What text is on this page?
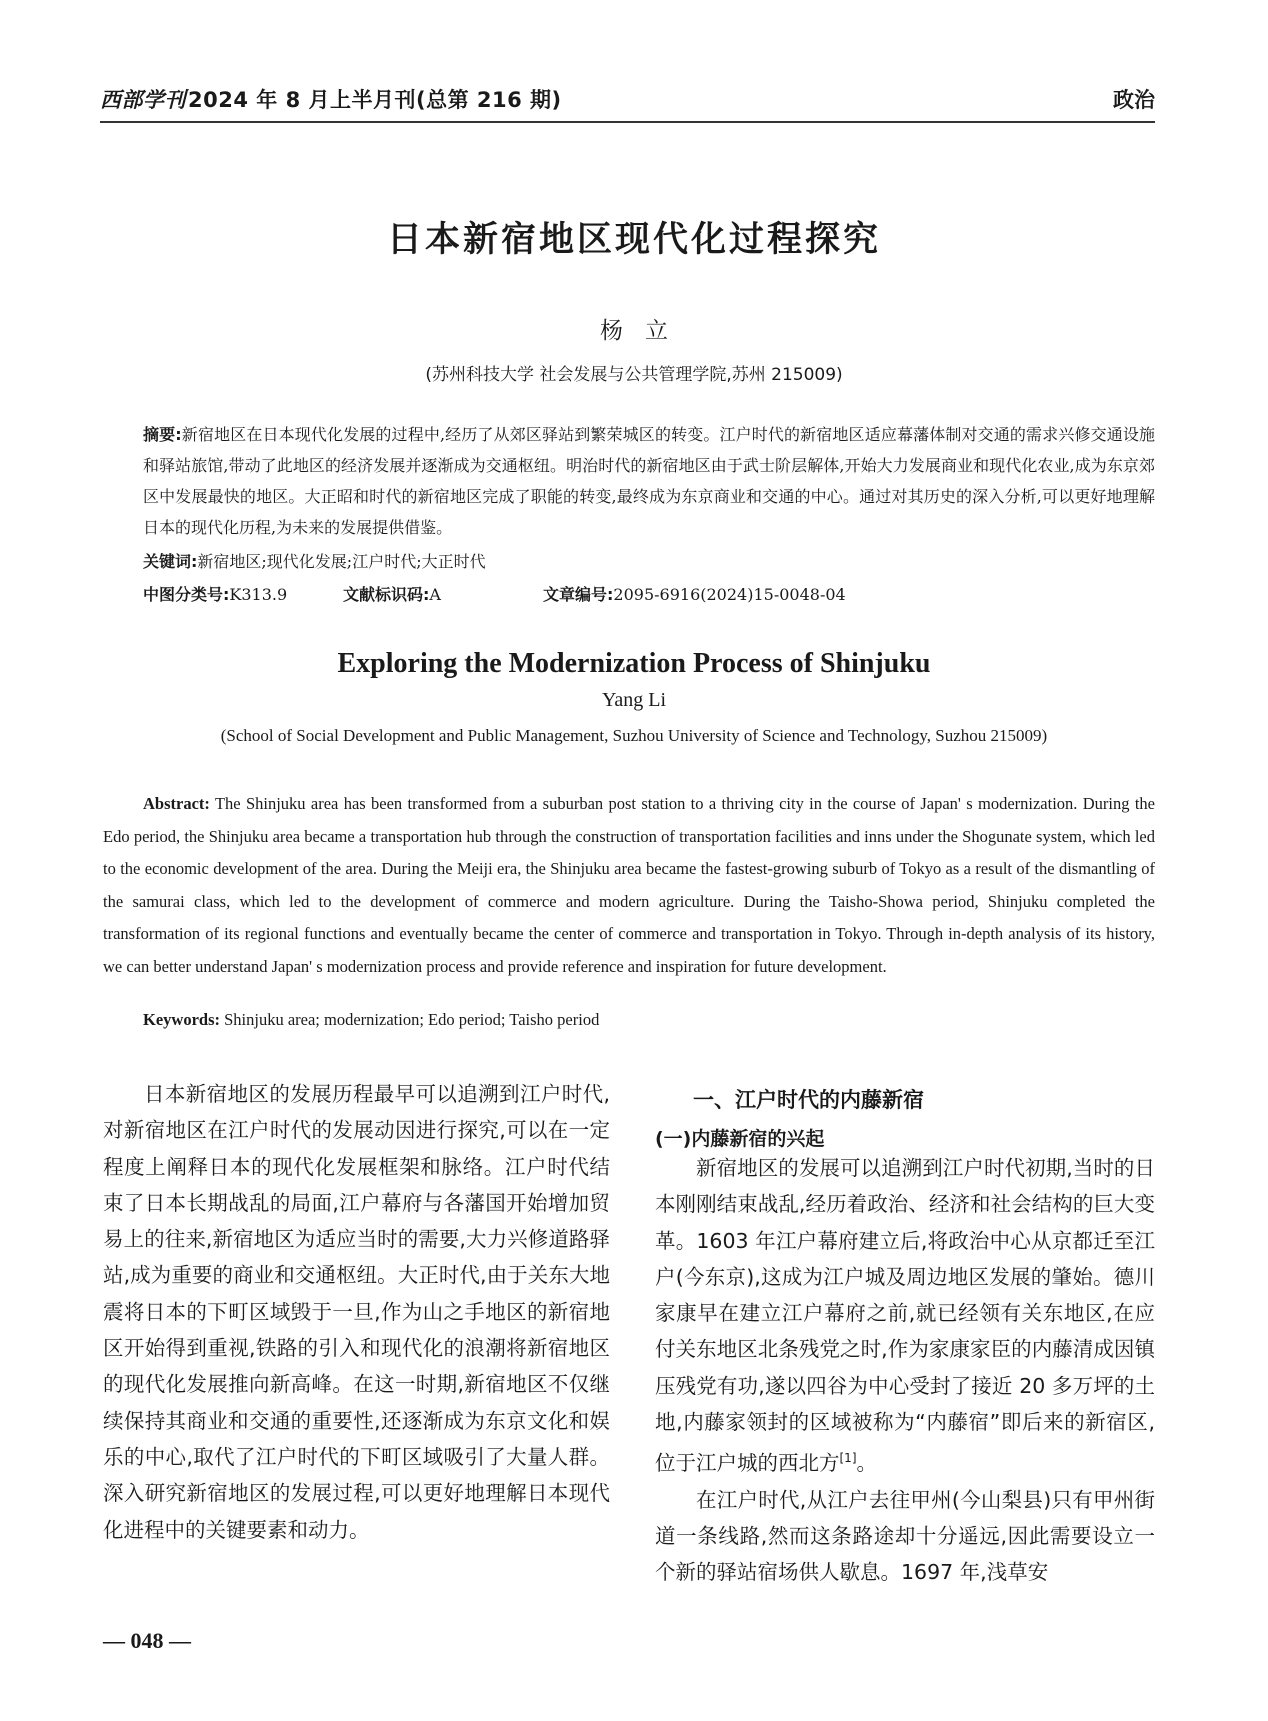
西部学刊2024 年 8 月上半月刊(总第 216 期)	政治
日本新宿地区现代化过程探究
杨立
(苏州科技大学 社会发展与公共管理学院,苏州 215009)
摘要:新宿地区在日本现代化发展的过程中,经历了从郊区驿站到繁荣城区的转变。江户时代的新宿地区适应幕藩体制对交通的需求兴修交通设施和驿站旅馆,带动了此地区的经济发展并逐渐成为交通枢纽。明治时代的新宿地区由于武士阶层解体,开始大力发展商业和现代化农业,成为东京郊区中发展最快的地区。大正昭和时代的新宿地区完成了职能的转变,最终成为东京商业和交通的中心。通过对其历史的深入分析,可以更好地理解日本的现代化历程,为未来的发展提供借鉴。
关键词:新宿地区;现代化发展;江户时代;大正时代
中图分类号:K313.9	文献标识码:A	文章编号:2095-6916(2024)15-0048-04
Exploring the Modernization Process of Shinjuku
Yang Li
(School of Social Development and Public Management, Suzhou University of Science and Technology, Suzhou 215009)
Abstract: The Shinjuku area has been transformed from a suburban post station to a thriving city in the course of Japan' s modernization. During the Edo period, the Shinjuku area became a transportation hub through the construction of transportation facilities and inns under the Shogunate system, which led to the economic development of the area. During the Meiji era, the Shinjuku area became the fastest-growing suburb of Tokyo as a result of the dismantling of the samurai class, which led to the development of commerce and modern agriculture. During the Taisho-Showa period, Shinjuku completed the transformation of its regional functions and eventually became the center of commerce and transportation in Tokyo. Through in-depth analysis of its history, we can better understand Japan' s modernization process and provide reference and inspiration for future development.
Keywords: Shinjuku area; modernization; Edo period; Taisho period

日本新宿地区的发展历程最早可以追溯到江户时代,对新宿地区在江户时代的发展动因进行探究,可以在一定程度上阐释日本的现代化发展框架和脉络。江户时代结束了日本长期战乱的局面,江户幕府与各藩国开始增加贸易上的往来,新宿地区为适应当时的需要,大力兴修道路驿站,成为重要的商业和交通枢纽。大正时代,由于关东大地震将日本的下町区域毁于一旦,作为山之手地区的新宿地区开始得到重视,铁路的引入和现代化的浪潮将新宿地区的现代化发展推向新高峰。在这一时期,新宿地区不仅继续保持其商业和交通的重要性,还逐渐成为东京文化和娱乐的中心,取代了江户时代的下町区域吸引了大量人群。深入研究新宿地区的发展过程,可以更好地理解日本现代化进程中的关键要素和动力。

一、江户时代的内藤新宿
(一)内藤新宿的兴起

新宿地区的发展可以追溯到江户时代初期,当时的日本刚刚结束战乱,经历着政治、经济和社会结构的巨大变革。1603 年江户幕府建立后,将政治中心从京都迁至江户(今东京),这成为江户城及周边地区发展的肇始。德川家康早在建立江户幕府之前,就已经领有关东地区,在应付关东地区北条残党之时,作为家康家臣的内藤清成因镇压残党有功,遂以四谷为中心受封了接近 20 多万坪的土地,内藤家领封的区域被称为“内藤宿”即后来的新宿区,位于江户城的西北方[1]。

在江户时代,从江户去往甲州(今山梨县)只有甲州街道一条线路,然而这条路途却十分遥远,因此需要设立一个新的驿站宿场供人歇息。1697 年,浅草安

— 048 —
